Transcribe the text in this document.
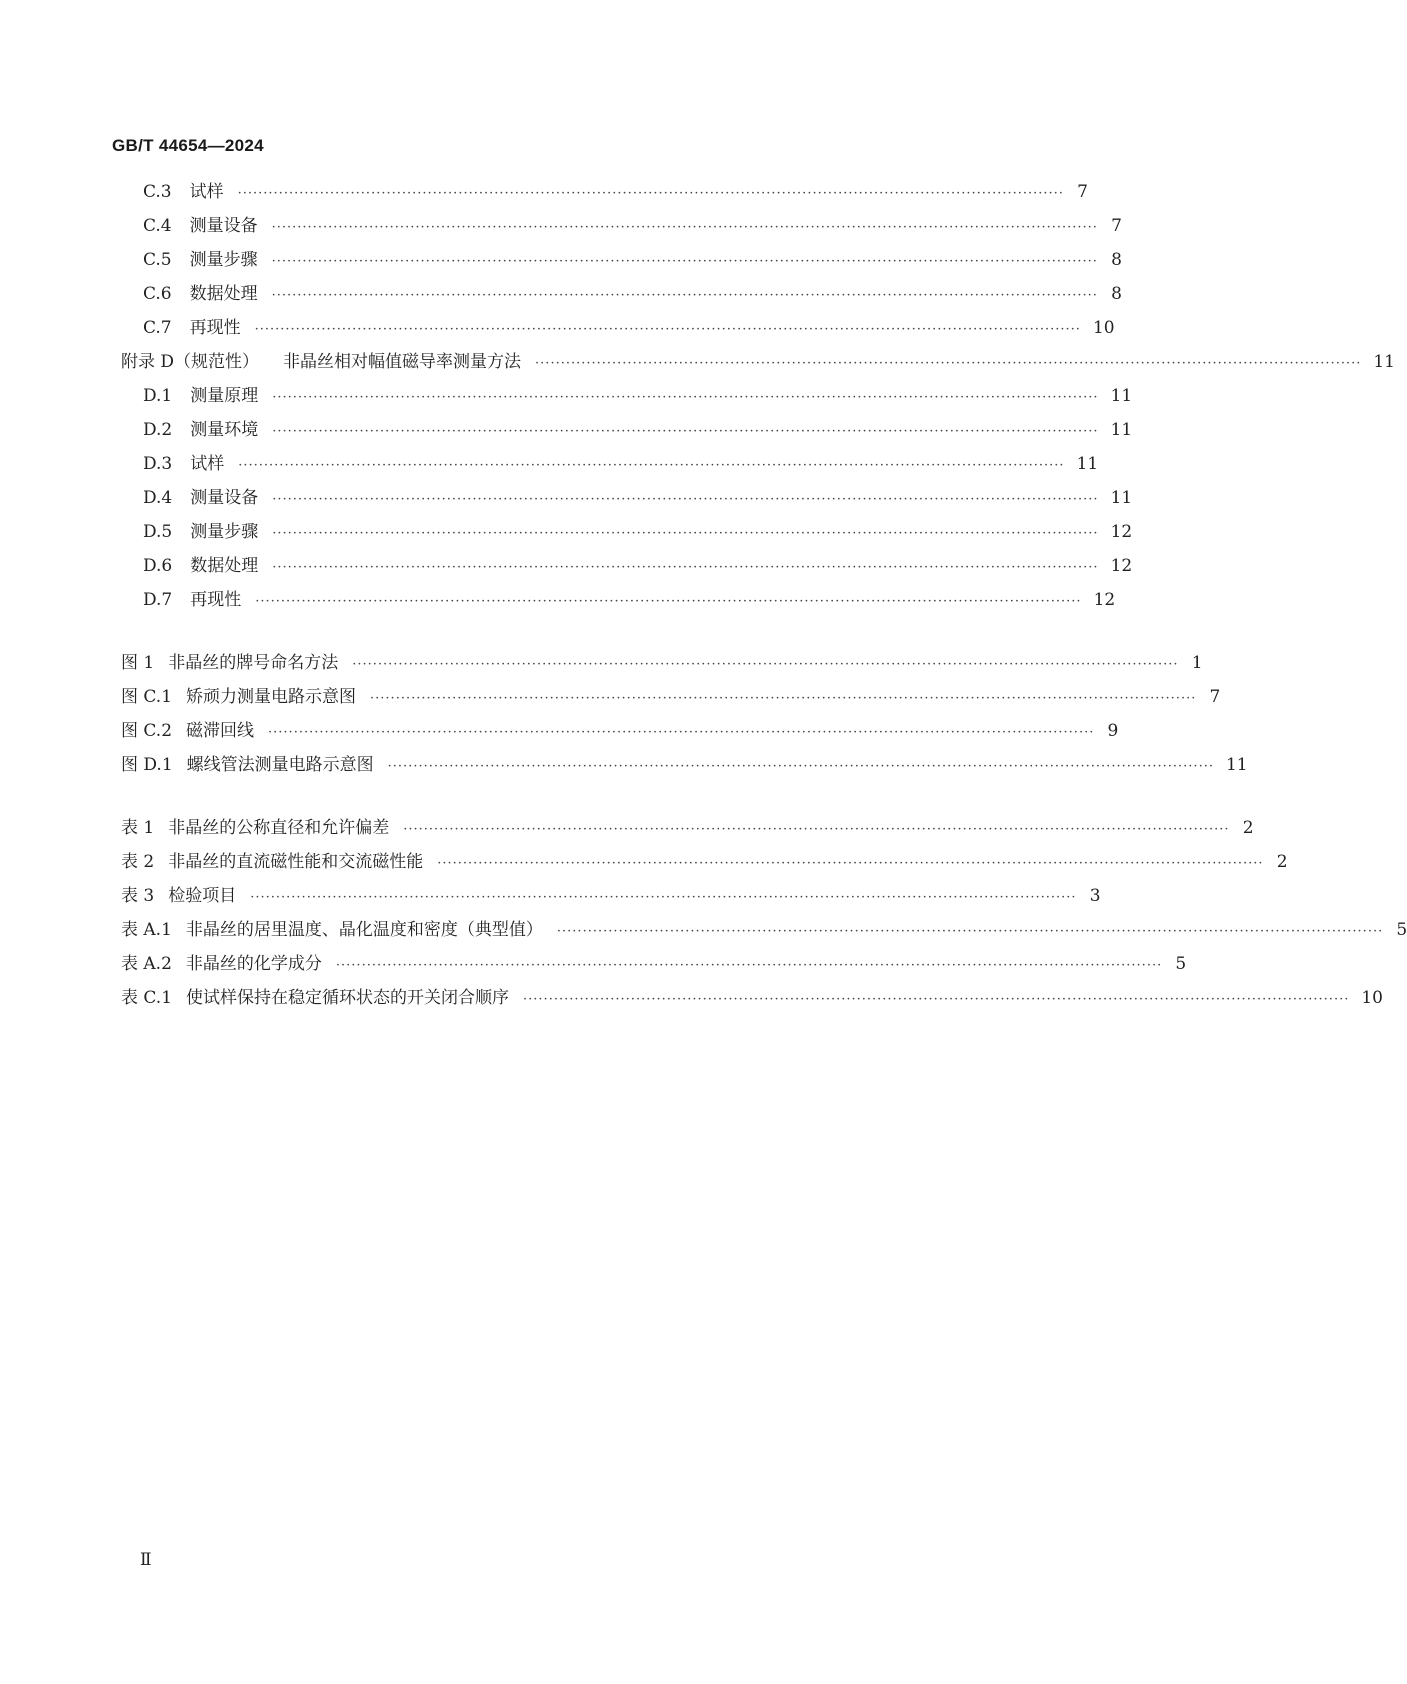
GB/T 44654—2024
C.3 试样 ································································································································································· 7
C.4 测量设备 ································································································································································· 7
C.5 测量步骤 ································································································································································· 8
C.6 数据处理 ································································································································································· 8
C.7 再现性 ································································································································································· 10
附录 D（规范性） 非晶丝相对幅值磁导率测量方法 ································································································································································· 11
D.1 测量原理 ································································································································································· 11
D.2 测量环境 ································································································································································· 11
D.3 试样 ································································································································································· 11
D.4 测量设备 ································································································································································· 11
D.5 测量步骤 ································································································································································· 12
D.6 数据处理 ································································································································································· 12
D.7 再现性 ································································································································································· 12
图 1 非晶丝的牌号命名方法 ································································································································································· 1
图 C.1 矫顽力测量电路示意图 ································································································································································· 7
图 C.2 磁滞回线 ································································································································································· 9
图 D.1 螺线管法测量电路示意图 ································································································································································· 11
表 1 非晶丝的公称直径和允许偏差 ································································································································································· 2
表 2 非晶丝的直流磁性能和交流磁性能 ································································································································································· 2
表 3 检验项目 ································································································································································· 3
表 A.1 非晶丝的居里温度、晶化温度和密度（典型值） ································································································································································· 5
表 A.2 非晶丝的化学成分 ································································································································································· 5
表 C.1 使试样保持在稳定循环状态的开关闭合顺序 ································································································································································· 10
Ⅱ
